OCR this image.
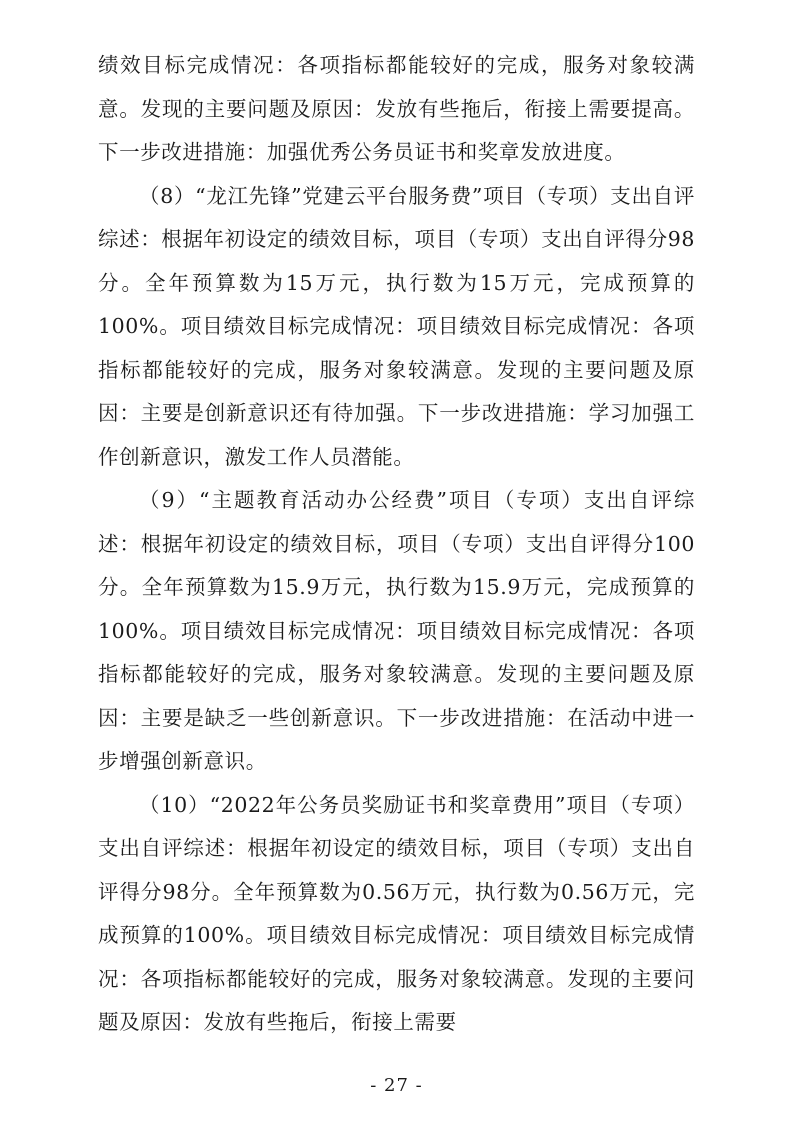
绩效目标完成情况：各项指标都能较好的完成，服务对象较满意。发现的主要问题及原因：发放有些拖后，衔接上需要提高。下一步改进措施：加强优秀公务员证书和奖章发放进度。

（8）“龙江先锋”党建云平台服务费”项目（专项）支出自评综述：根据年初设定的绩效目标，项目（专项）支出自评得分98分。全年预算数为15万元，执行数为15万元，完成预算的100%。项目绩效目标完成情况：项目绩效目标完成情况：各项指标都能较好的完成，服务对象较满意。发现的主要问题及原因：主要是创新意识还有待加强。下一步改进措施：学习加强工作创新意识，激发工作人员潜能。

（9）“主题教育活动办公经费”项目（专项）支出自评综述：根据年初设定的绩效目标，项目（专项）支出自评得分100分。全年预算数为15.9万元，执行数为15.9万元，完成预算的100%。项目绩效目标完成情况：项目绩效目标完成情况：各项指标都能较好的完成，服务对象较满意。发现的主要问题及原因：主要是缺乏一些创新意识。下一步改进措施：在活动中进一步增强创新意识。

（10）“2022年公务员奖励证书和奖章费用”项目（专项）支出自评综述：根据年初设定的绩效目标，项目（专项）支出自评得分98分。全年预算数为0.56万元，执行数为0.56万元，完成预算的100%。项目绩效目标完成情况：项目绩效目标完成情况：各项指标都能较好的完成，服务对象较满意。发现的主要问题及原因：发放有些拖后，衔接上需要

- 27 -
